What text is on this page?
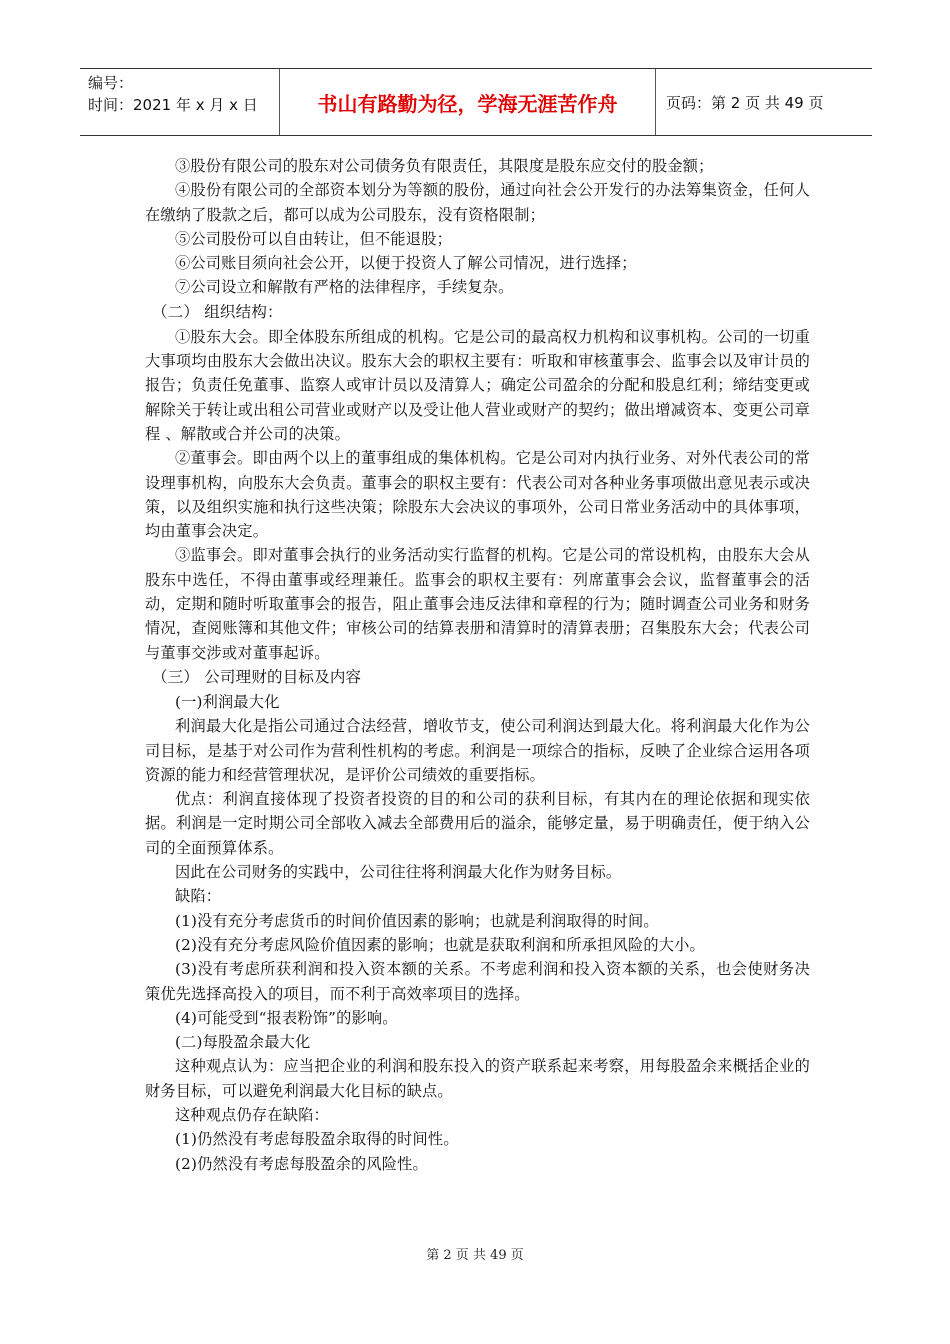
编号：
时间：2021 年 x 月 x 日	书山有路勤为径，学海无涯苦作舟	页码：第 2 页 共 49 页

③股份有限公司的股东对公司债务负有限责任，其限度是股东应交付的股金额；

④股份有限公司的全部资本划分为等额的股份，通过向社会公开发行的办法筹集资金，任何人在缴纳了股款之后，都可以成为公司股东，没有资格限制；

⑤公司股份可以自由转让，但不能退股；

⑥公司账目须向社会公开，以便于投资人了解公司情况，进行选择；

⑦公司设立和解散有严格的法律程序，手续复杂。

（二） 组织结构：

①股东大会。即全体股东所组成的机构。它是公司的最高权力机构和议事机构。公司的一切重大事项均由股东大会做出决议。股东大会的职权主要有：听取和审核董事会、监事会以及审计员的报告；负责任免董事、监察人或审计员以及清算人；确定公司盈余的分配和股息红利；缔结变更或解除关于转让或出租公司营业或财产以及受让他人营业或财产的契约；做出增减资本、变更公司章程 、解散或合并公司的决策。

②董事会。即由两个以上的董事组成的集体机构。它是公司对内执行业务、对外代表公司的常设理事机构，向股东大会负责。董事会的职权主要有：代表公司对各种业务事项做出意见表示或决策，以及组织实施和执行这些决策；除股东大会决议的事项外，公司日常业务活动中的具体事项，均由董事会决定。

③监事会。即对董事会执行的业务活动实行监督的机构。它是公司的常设机构，由股东大会从股东中选任，不得由董事或经理兼任。监事会的职权主要有：列席董事会会议，监督董事会的活动，定期和随时听取董事会的报告，阻止董事会违反法律和章程的行为；随时调查公司业务和财务情况，查阅账簿和其他文件；审核公司的结算表册和清算时的清算表册；召集股东大会；代表公司与董事交涉或对董事起诉。

（三） 公司理财的目标及内容

(一)利润最大化

利润最大化是指公司通过合法经营，增收节支，使公司利润达到最大化。将利润最大化作为公司目标，是基于对公司作为营利性机构的考虑。利润是一项综合的指标，反映了企业综合运用各项资源的能力和经营管理状况，是评价公司绩效的重要指标。

优点：利润直接体现了投资者投资的目的和公司的获利目标，有其内在的理论依据和现实依据。利润是一定时期公司全部收入减去全部费用后的溢余，能够定量，易于明确责任，便于纳入公司的全面预算体系。

因此在公司财务的实践中，公司往往将利润最大化作为财务目标。

缺陷：

(1)没有充分考虑货币的时间价值因素的影响；也就是利润取得的时间。

(2)没有充分考虑风险价值因素的影响；也就是获取利润和所承担风险的大小。

(3)没有考虑所获利润和投入资本额的关系。不考虑利润和投入资本额的关系，也会使财务决策优先选择高投入的项目，而不利于高效率项目的选择。

(4)可能受到“报表粉饰”的影响。

(二)每股盈余最大化

这种观点认为：应当把企业的利润和股东投入的资产联系起来考察，用每股盈余来概括企业的财务目标，可以避免利润最大化目标的缺点。

这种观点仍存在缺陷：

(1)仍然没有考虑每股盈余取得的时间性。

(2)仍然没有考虑每股盈余的风险性。

第 2 页 共 49 页
